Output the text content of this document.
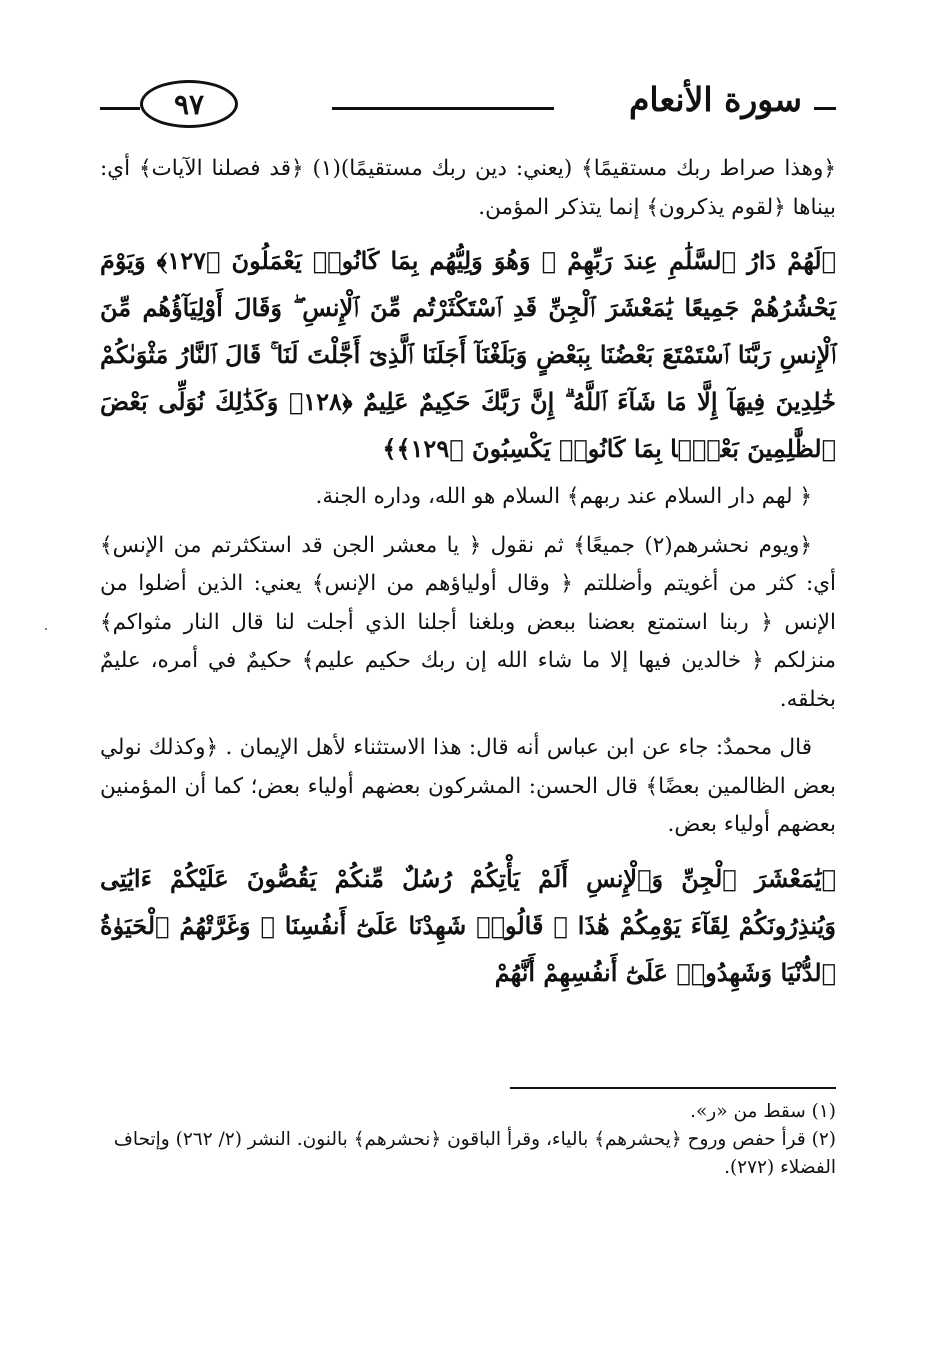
سورة الأنعام
٩٧

﴿وهذا صراط ربك مستقيمًا﴾ (يعني: دين ربك مستقيمًا)(١) ﴿قد فصلنا الآيات﴾ أي: بيناها ﴿لقوم يذكرون﴾ إنما يتذكر المؤمن.

﴿لَهُمْ دَارُ ٱلسَّلَٰمِ عِندَ رَبِّهِمْ ۖ وَهُوَ وَلِيُّهُم بِمَا كَانُوا۟ يَعْمَلُونَ ﴿١٢٧﴾ وَيَوْمَ يَحْشُرُهُمْ جَمِيعًا يَٰمَعْشَرَ ٱلْجِنِّ قَدِ ٱسْتَكْثَرْتُم مِّنَ ٱلْإِنسِ ۖ وَقَالَ أَوْلِيَآؤُهُم مِّنَ ٱلْإِنسِ رَبَّنَا ٱسْتَمْتَعَ بَعْضُنَا بِبَعْضٍ وَبَلَغْنَآ أَجَلَنَا ٱلَّذِىٓ أَجَّلْتَ لَنَا ۚ قَالَ ٱلنَّارُ مَثْوَىٰكُمْ خَٰلِدِينَ فِيهَآ إِلَّا مَا شَآءَ ٱللَّهُ ۗ إِنَّ رَبَّكَ حَكِيمٌ عَلِيمٌ ﴿١٢٨﴾ وَكَذَٰلِكَ نُوَلِّى بَعْضَ ٱلظَّٰلِمِينَ بَعْضًۢا بِمَا كَانُوا۟ يَكْسِبُونَ ﴿١٢٩﴾﴾

﴿ لهم دار السلام عند ربهم﴾ السلام هو الله، وداره الجنة.

﴿ويوم نحشرهم(٢) جميعًا﴾ ثم نقول ﴿ يا معشر الجن قد استكثرتم من الإنس﴾ أي: كثر من أغويتم وأضللتم ﴿ وقال أولياؤهم من الإنس﴾ يعني: الذين أضلوا من الإنس ﴿ ربنا استمتع بعضنا ببعض وبلغنا أجلنا الذي أجلت لنا قال النار مثواكم﴾ منزلكم ﴿ خالدين فيها إلا ما شاء الله إن ربك حكيم عليم﴾ حكيمٌ في أمره، عليمٌ بخلقه.

قال محمدٌ: جاء عن ابن عباس أنه قال: هذا الاستثناء لأهل الإيمان . ﴿وكذلك نولي بعض الظالمين بعضًا﴾ قال الحسن: المشركون بعضهم أولياء بعض؛ كما أن المؤمنين بعضهم أولياء بعض.

﴿يَٰمَعْشَرَ ٱلْجِنِّ وَٱلْإِنسِ أَلَمْ يَأْتِكُمْ رُسُلٌ مِّنكُمْ يَقُصُّونَ عَلَيْكُمْ ءَايَٰتِى وَيُنذِرُونَكُمْ لِقَآءَ يَوْمِكُمْ هَٰذَا ۚ قَالُوا۟ شَهِدْنَا عَلَىٰٓ أَنفُسِنَا ۖ وَغَرَّتْهُمُ ٱلْحَيَوٰةُ ٱلدُّنْيَا وَشَهِدُوا۟ عَلَىٰٓ أَنفُسِهِمْ أَنَّهُمْ

(١) سقط من «ر».

(٢) قرأ حفص وروح ﴿يحشرهم﴾ بالياء، وقرأ الباقون ﴿نحشرهم﴾ بالنون. النشر (٢/ ٢٦٢) وإتحاف الفضلاء (٢٧٢).
